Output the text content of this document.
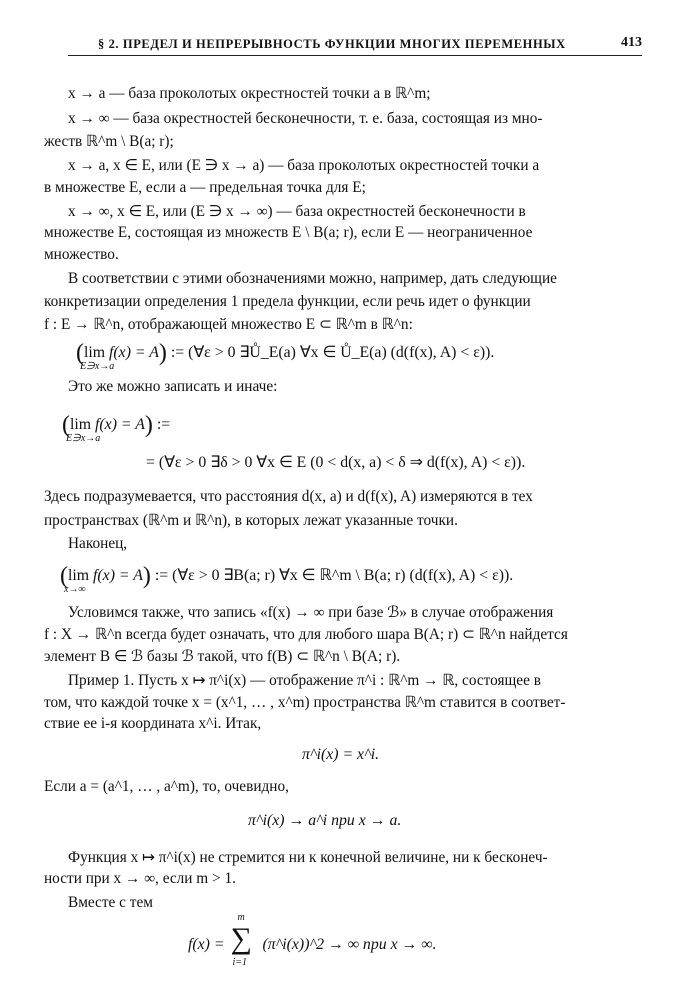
§ 2. ПРЕДЕЛ И НЕПРЕРЫВНОСТЬ ФУНКЦИИ МНОГИХ ПЕРЕМЕННЫХ	413
x → a — база проколотых окрестностей точки a в ℝ^m;
x → ∞ — база окрестностей бесконечности, т. е. база, состоящая из мно-
жеств ℝ^m \ B(a; r);
x → a, x ∈ E, или (E ∋ x → a) — база проколотых окрестностей точки a
в множестве E, если a — предельная точка для E;
x → ∞, x ∈ E, или (E ∋ x → ∞) — база окрестностей бесконечности в
множестве E, состоящая из множеств E \ B(a; r), если E — неограниченное
множество.
В соответствии с этими обозначениями можно, например, дать следующие
конкретизации определения 1 предела функции, если речь идет о функции
f : E → ℝ^n, отображающей множество E ⊂ ℝ^m в ℝ^n:
(lim
E∋x→a
f(x) = A) := (∀ε > 0 ∃Ů_E(a) ∀x ∈ Ů_E(a) (d(f(x), A) < ε)).
Это же можно записать и иначе:
(lim
E∋x→a
f(x) = A) :=
= (∀ε > 0 ∃δ > 0 ∀x ∈ E (0 < d(x, a) < δ ⇒ d(f(x), A) < ε)).
Здесь подразумевается, что расстояния d(x, a) и d(f(x), A) измеряются в тех
пространствах (ℝ^m и ℝ^n), в которых лежат указанные точки.
Наконец,
(lim
x→∞
f(x) = A) := (∀ε > 0 ∃B(a; r) ∀x ∈ ℝ^m \ B(a; r) (d(f(x), A) < ε)).
Условимся также, что запись «f(x) → ∞ при базе ℬ» в случае отображения
f : X → ℝ^n всегда будет означать, что для любого шара B(A; r) ⊂ ℝ^n найдется
элемент B ∈ ℬ базы ℬ такой, что f(B) ⊂ ℝ^n \ B(A; r).
Пример 1. Пусть x ↦ π^i(x) — отображение π^i : ℝ^m → ℝ, состоящее в
том, что каждой точке x = (x^1, … , x^m) пространства ℝ^m ставится в соответ-
ствие ее i-я координата x^i. Итак,
π^i(x) = x^i.
Если a = (a^1, … , a^m), то, очевидно,
π^i(x) → a^i при x → a.
Функция x ↦ π^i(x) не стремится ни к конечной величине, ни к бесконеч-
ности при x → ∞, если m > 1.
Вместе с тем
f(x) =
m
∑
i=1
(π^i(x))^2 → ∞ при x → ∞.
